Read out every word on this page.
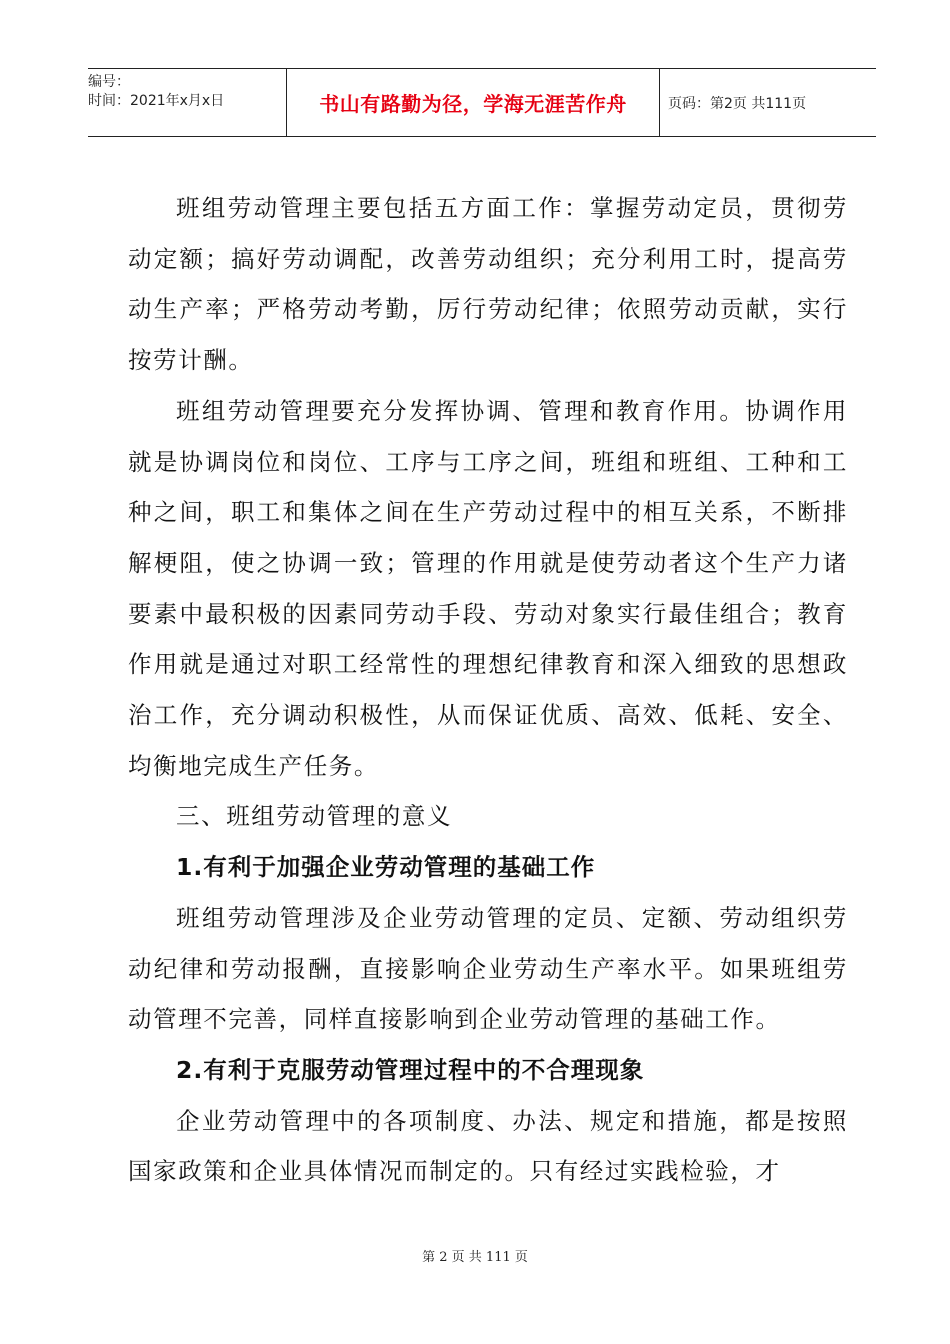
编号：
时间：2021年x月x日	书山有路勤为径，学海无涯苦作舟	页码：第2页 共111页

班组劳动管理主要包括五方面工作：掌握劳动定员，贯彻劳动定额；搞好劳动调配，改善劳动组织；充分利用工时，提高劳动生产率；严格劳动考勤，厉行劳动纪律；依照劳动贡献，实行按劳计酬。

班组劳动管理要充分发挥协调、管理和教育作用。协调作用就是协调岗位和岗位、工序与工序之间，班组和班组、工种和工种之间，职工和集体之间在生产劳动过程中的相互关系，不断排解梗阻，使之协调一致；管理的作用就是使劳动者这个生产力诸要素中最积极的因素同劳动手段、劳动对象实行最佳组合；教育作用就是通过对职工经常性的理想纪律教育和深入细致的思想政治工作，充分调动积极性，从而保证优质、高效、低耗、安全、均衡地完成生产任务。

三、班组劳动管理的意义

1.有利于加强企业劳动管理的基础工作

班组劳动管理涉及企业劳动管理的定员、定额、劳动组织劳动纪律和劳动报酬，直接影响企业劳动生产率水平。如果班组劳动管理不完善，同样直接影响到企业劳动管理的基础工作。

2.有利于克服劳动管理过程中的不合理现象

企业劳动管理中的各项制度、办法、规定和措施，都是按照国家政策和企业具体情况而制定的。只有经过实践检验，才

第 2 页 共 111 页
